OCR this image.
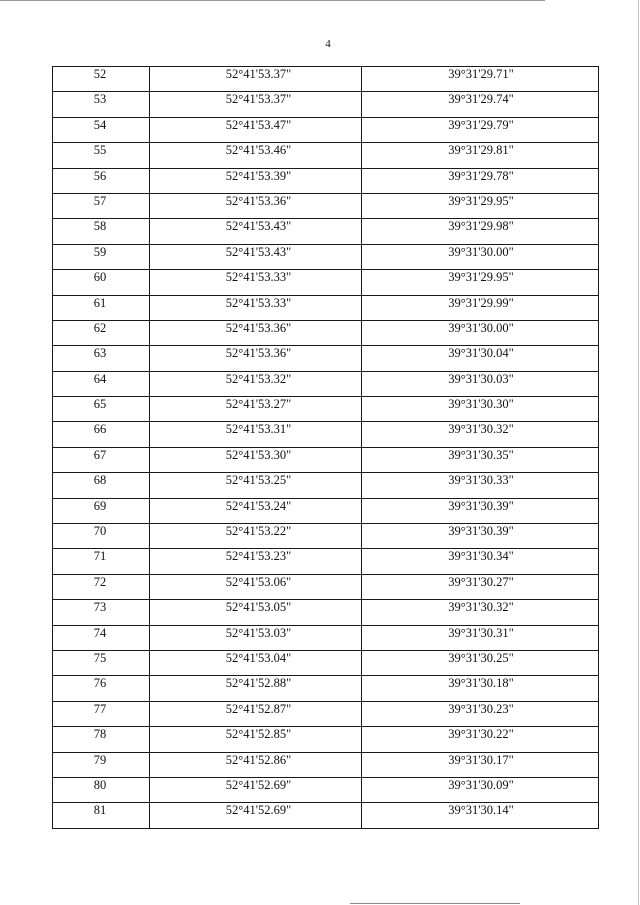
4
52	52°41'53.37"	39°31'29.71"
53	52°41'53.37"	39°31'29.74"
54	52°41'53.47"	39°31'29.79"
55	52°41'53.46"	39°31'29.81"
56	52°41'53.39"	39°31'29.78"
57	52°41'53.36"	39°31'29.95"
58	52°41'53.43"	39°31'29.98"
59	52°41'53.43"	39°31'30.00"
60	52°41'53.33"	39°31'29.95"
61	52°41'53.33"	39°31'29.99"
62	52°41'53.36"	39°31'30.00"
63	52°41'53.36"	39°31'30.04"
64	52°41'53.32"	39°31'30.03"
65	52°41'53.27"	39°31'30.30"
66	52°41'53.31"	39°31'30.32"
67	52°41'53.30"	39°31'30.35"
68	52°41'53.25"	39°31'30.33"
69	52°41'53.24"	39°31'30.39"
70	52°41'53.22"	39°31'30.39"
71	52°41'53.23"	39°31'30.34"
72	52°41'53.06"	39°31'30.27"
73	52°41'53.05"	39°31'30.32"
74	52°41'53.03"	39°31'30.31"
75	52°41'53.04"	39°31'30.25"
76	52°41'52.88"	39°31'30.18"
77	52°41'52.87"	39°31'30.23"
78	52°41'52.85"	39°31'30.22"
79	52°41'52.86"	39°31'30.17"
80	52°41'52.69"	39°31'30.09"
81	52°41'52.69"	39°31'30.14"
